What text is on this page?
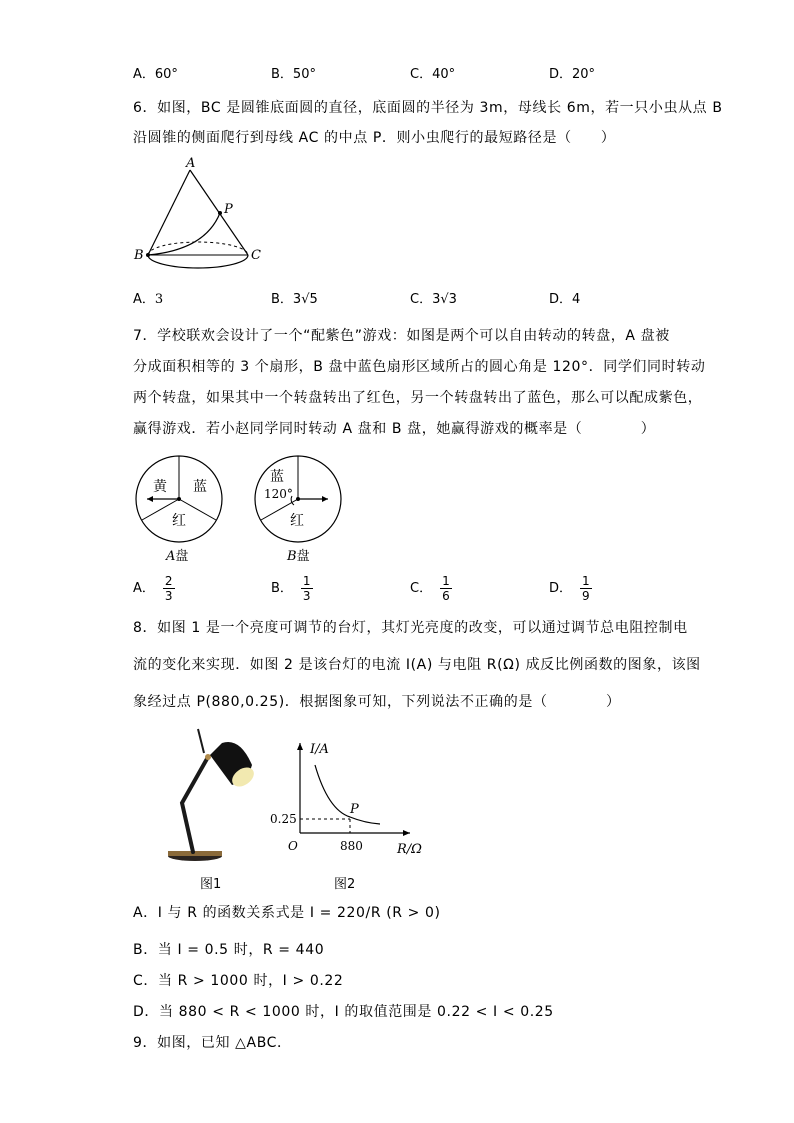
A．60°	B．50°	C．40°	D．20°
6．如图，BC 是圆锥底面圆的直径，底面圆的半径为 3m，母线长 6m，若一只小虫从点 B
沿圆锥的侧面爬行到母线 AC 的中点 P．则小虫爬行的最短路径是（　　）
A
P
B	C
A．3	B．3√5	C．3√3	D．4
7．学校联欢会设计了一个“配紫色”游戏：如图是两个可以自由转动的转盘，A 盘被
分成面积相等的 3 个扇形，B 盘中蓝色扇形区域所占的圆心角是 120°．同学们同时转动
两个转盘，如果其中一个转盘转出了红色，另一个转盘转出了蓝色，那么可以配成紫色，
赢得游戏．若小赵同学同时转动 A 盘和 B 盘，她赢得游戏的概率是（　　　　）
黄 蓝
红
A盘
蓝
120°
红
B盘
A． $\frac{2}{3}$	B． $\frac{1}{3}$	C． $\frac{1}{6}$	D． $\frac{1}{9}$
8．如图 1 是一个亮度可调节的台灯，其灯光亮度的改变，可以通过调节总电阻控制电
流的变化来实现．如图 2 是该台灯的电流 I(A) 与电阻 R(Ω) 成反比例函数的图象，该图
象经过点 P(880,0.25)．根据图象可知，下列说法不正确的是（　　　　）
I/A
R/Ω
O
0.25
880
P
图1	图2
A．I 与 R 的函数关系式是 I = 220/R (R > 0)
B．当 I = 0.5 时，R = 440
C．当 R > 1000 时，I > 0.22
D．当 880 < R < 1000 时，I 的取值范围是 0.22 < I < 0.25
9．如图，已知 △ABC．
